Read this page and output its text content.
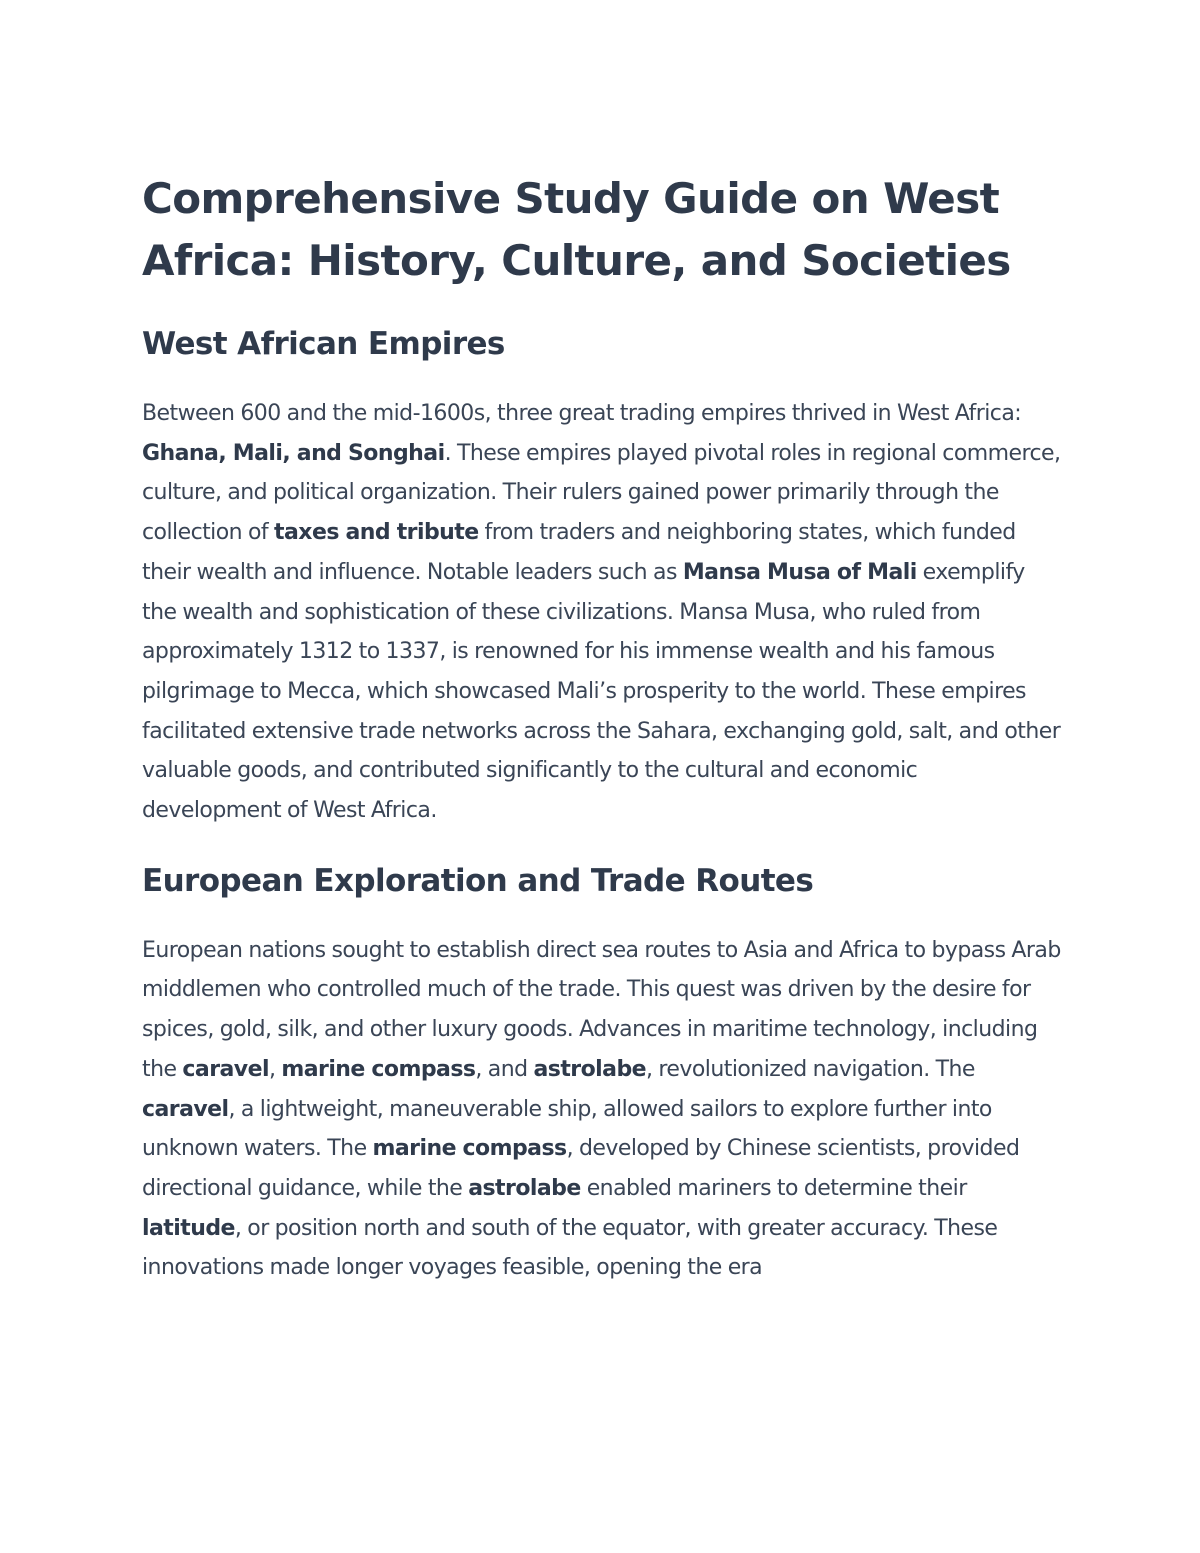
Comprehensive Study Guide on West Africa: History, Culture, and Societies
West African Empires

Between 600 and the mid-1600s, three great trading empires thrived in West Africa: Ghana, Mali, and Songhai. These empires played pivotal roles in regional commerce, culture, and political organization. Their rulers gained power primarily through the collection of taxes and tribute from traders and neighboring states, which funded their wealth and influence. Notable leaders such as Mansa Musa of Mali exemplify the wealth and sophistication of these civilizations. Mansa Musa, who ruled from approximately 1312 to 1337, is renowned for his immense wealth and his famous pilgrimage to Mecca, which showcased Mali’s prosperity to the world. These empires facilitated extensive trade networks across the Sahara, exchanging gold, salt, and other valuable goods, and contributed significantly to the cultural and economic development of West Africa.

European Exploration and Trade Routes

European nations sought to establish direct sea routes to Asia and Africa to bypass Arab middlemen who controlled much of the trade. This quest was driven by the desire for spices, gold, silk, and other luxury goods. Advances in maritime technology, including the caravel, marine compass, and astrolabe, revolutionized navigation. The caravel, a lightweight, maneuverable ship, allowed sailors to explore further into unknown waters. The marine compass, developed by Chinese scientists, provided directional guidance, while the astrolabe enabled mariners to determine their latitude, or position north and south of the equator, with greater accuracy. These innovations made longer voyages feasible, opening the era
